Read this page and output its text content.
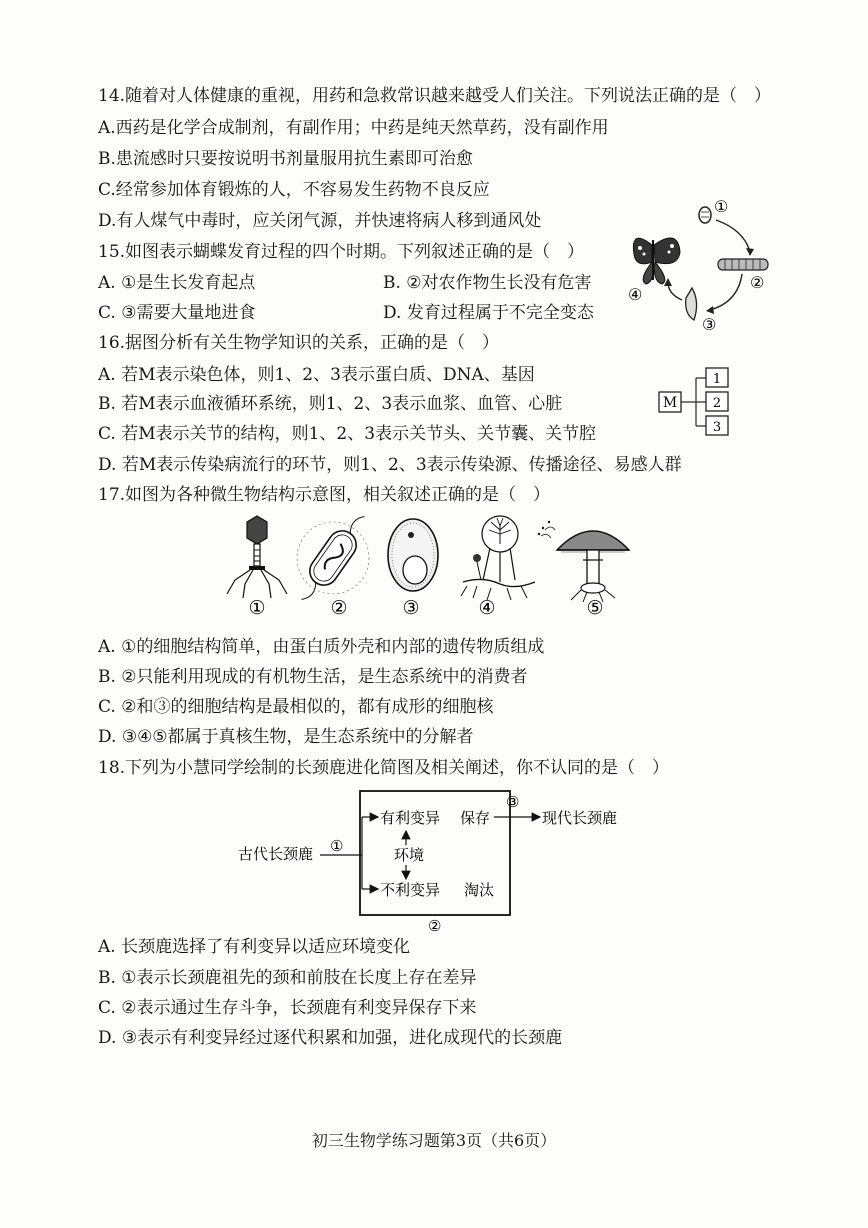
14.随着对人体健康的重视，用药和急救常识越来越受人们关注。下列说法正确的是（　）
A.西药是化学合成制剂，有副作用；中药是纯天然草药，没有副作用
B.患流感时只要按说明书剂量服用抗生素即可治愈
C.经常参加体育锻炼的人，不容易发生药物不良反应
D.有人煤气中毒时，应关闭气源，并快速将病人移到通风处
15.如图表示蝴蝶发育过程的四个时期。下列叙述正确的是（　）
A. ①是生长发育起点	B. ②对农作物生长没有危害
C. ③需要大量地进食	D. 发育过程属于不完全变态
①
②
③
④
16.据图分析有关生物学知识的关系，正确的是（　）
A. 若M表示染色体，则1、2、3表示蛋白质、DNA、基因
B. 若M表示血液循环系统，则1、2、3表示血浆、血管、心脏
C. 若M表示关节的结构，则1、2、3表示关节头、关节囊、关节腔
D. 若M表示传染病流行的环节，则1、2、3表示传染源、传播途径、易感人群
M
1
2
3
17.如图为各种微生物结构示意图，相关叙述正确的是（　）
①	②	③	④	⑤
A. ①的细胞结构简单，由蛋白质外壳和内部的遗传物质组成
B. ②只能利用现成的有机物生活，是生态系统中的消费者
C. ②和③的细胞结构是最相似的，都有成形的细胞核
D. ③④⑤都属于真核生物，是生态系统中的分解者
18.下列为小慧同学绘制的长颈鹿进化简图及相关阐述，你不认同的是（　）
古代长颈鹿 ①
有利变异
不利变异
环境
保存
淘汰
③
现代长颈鹿
②
A. 长颈鹿选择了有利变异以适应环境变化
B. ①表示长颈鹿祖先的颈和前肢在长度上存在差异
C. ②表示通过生存斗争，长颈鹿有利变异保存下来
D. ③表示有利变异经过逐代积累和加强，进化成现代的长颈鹿
初三生物学练习题第3页（共6页）
